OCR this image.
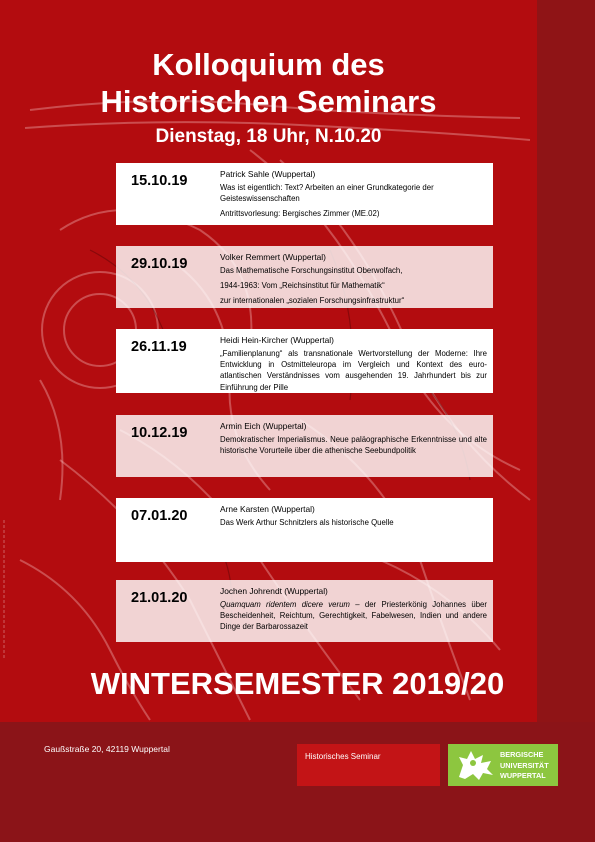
Kolloquium des
Historischen Seminars
Dienstag, 18 Uhr, N.10.20
15.10.19	Patrick Sahle (Wuppertal)

Was ist eigentlich: Text? Arbeiten an einer Grundkategorie der Geisteswissenschaften

Antrittsvorlesung: Bergisches Zimmer (ME.02)

29.10.19	Volker Remmert (Wuppertal)

Das Mathematische Forschungsinstitut Oberwolfach,

1944-1963: Vom „Reichsinstitut für Mathematik“

zur internationalen „sozialen Forschungsinfrastruktur“

26.11.19	Heidi Hein-Kircher (Wuppertal)

„Familienplanung“ als transnationale Wertvorstellung der Moderne: Ihre Entwicklung in Ostmitteleuropa im Vergleich und Kontext des euro-atlantischen Verständnisses vom ausgehenden 19. Jahrhundert bis zur Einführung der Pille

10.12.19	Armin Eich (Wuppertal)

Demokratischer Imperialismus. Neue paläographische Erkenntnisse und alte historische Vorurteile über die athenische Seebundpolitik

07.01.20	Arne Karsten (Wuppertal)

Das Werk Arthur Schnitzlers als historische Quelle

21.01.20	Jochen Johrendt (Wuppertal)

Quamquam ridentem dicere verum – der Priesterkönig Johannes über Bescheidenheit, Reichtum, Gerechtigkeit, Fabelwesen, Indien und andere Dinge der Barbarossazeit

WINTERSEMESTER 2019/20
Gaußstraße 20, 42119 Wuppertal
Historisches Seminar	BERGISCHE
UNIVERSITÄT
WUPPERTAL
